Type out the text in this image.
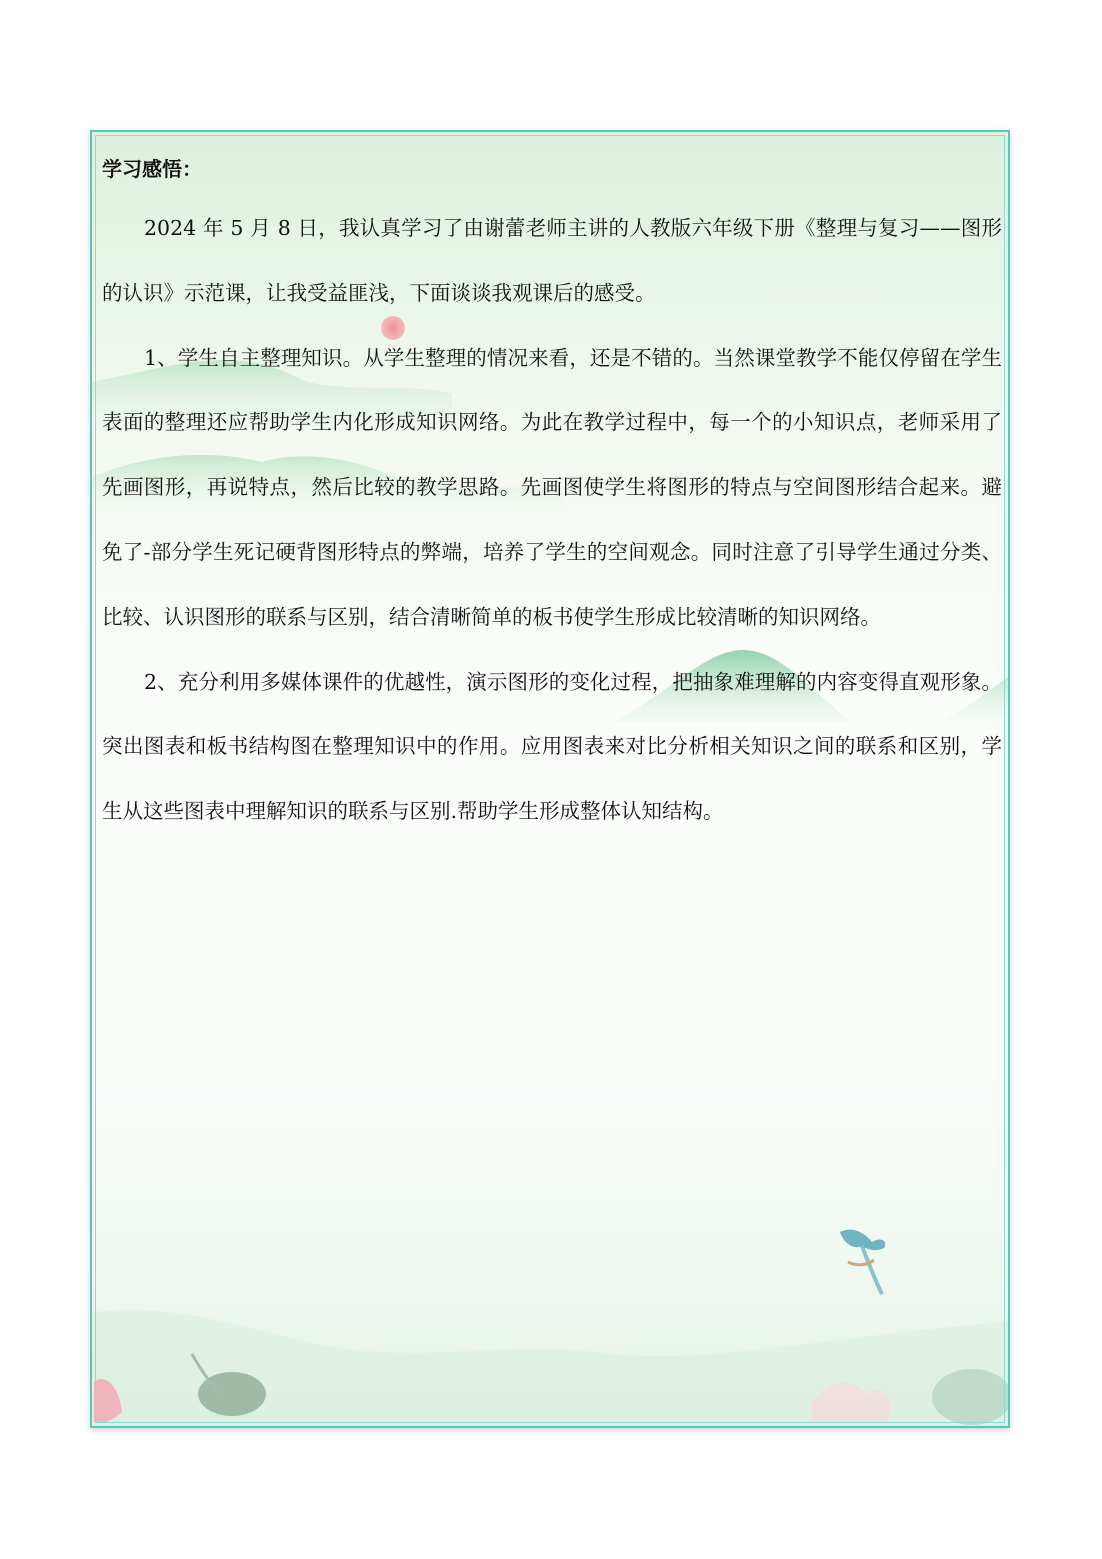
学习感悟：

2024 年 5 月 8 日，我认真学习了由谢蕾老师主讲的人教版六年级下册《整理与复习——图形的认识》示范课，让我受益匪浅，下面谈谈我观课后的感受。

1、学生自主整理知识。从学生整理的情况来看，还是不错的。当然课堂教学不能仅停留在学生表面的整理还应帮助学生内化形成知识网络。为此在教学过程中，每一个的小知识点，老师采用了先画图形，再说特点，然后比较的教学思路。先画图使学生将图形的特点与空间图形结合起来。避免了-部分学生死记硬背图形特点的弊端，培养了学生的空间观念。同时注意了引导学生通过分类、比较、认识图形的联系与区别，结合清晰简单的板书使学生形成比较清晰的知识网络。

2、充分利用多媒体课件的优越性，演示图形的变化过程，把抽象难理解的内容变得直观形象。突出图表和板书结构图在整理知识中的作用。应用图表来对比分析相关知识之间的联系和区别，学生从这些图表中理解知识的联系与区别.帮助学生形成整体认知结构。
